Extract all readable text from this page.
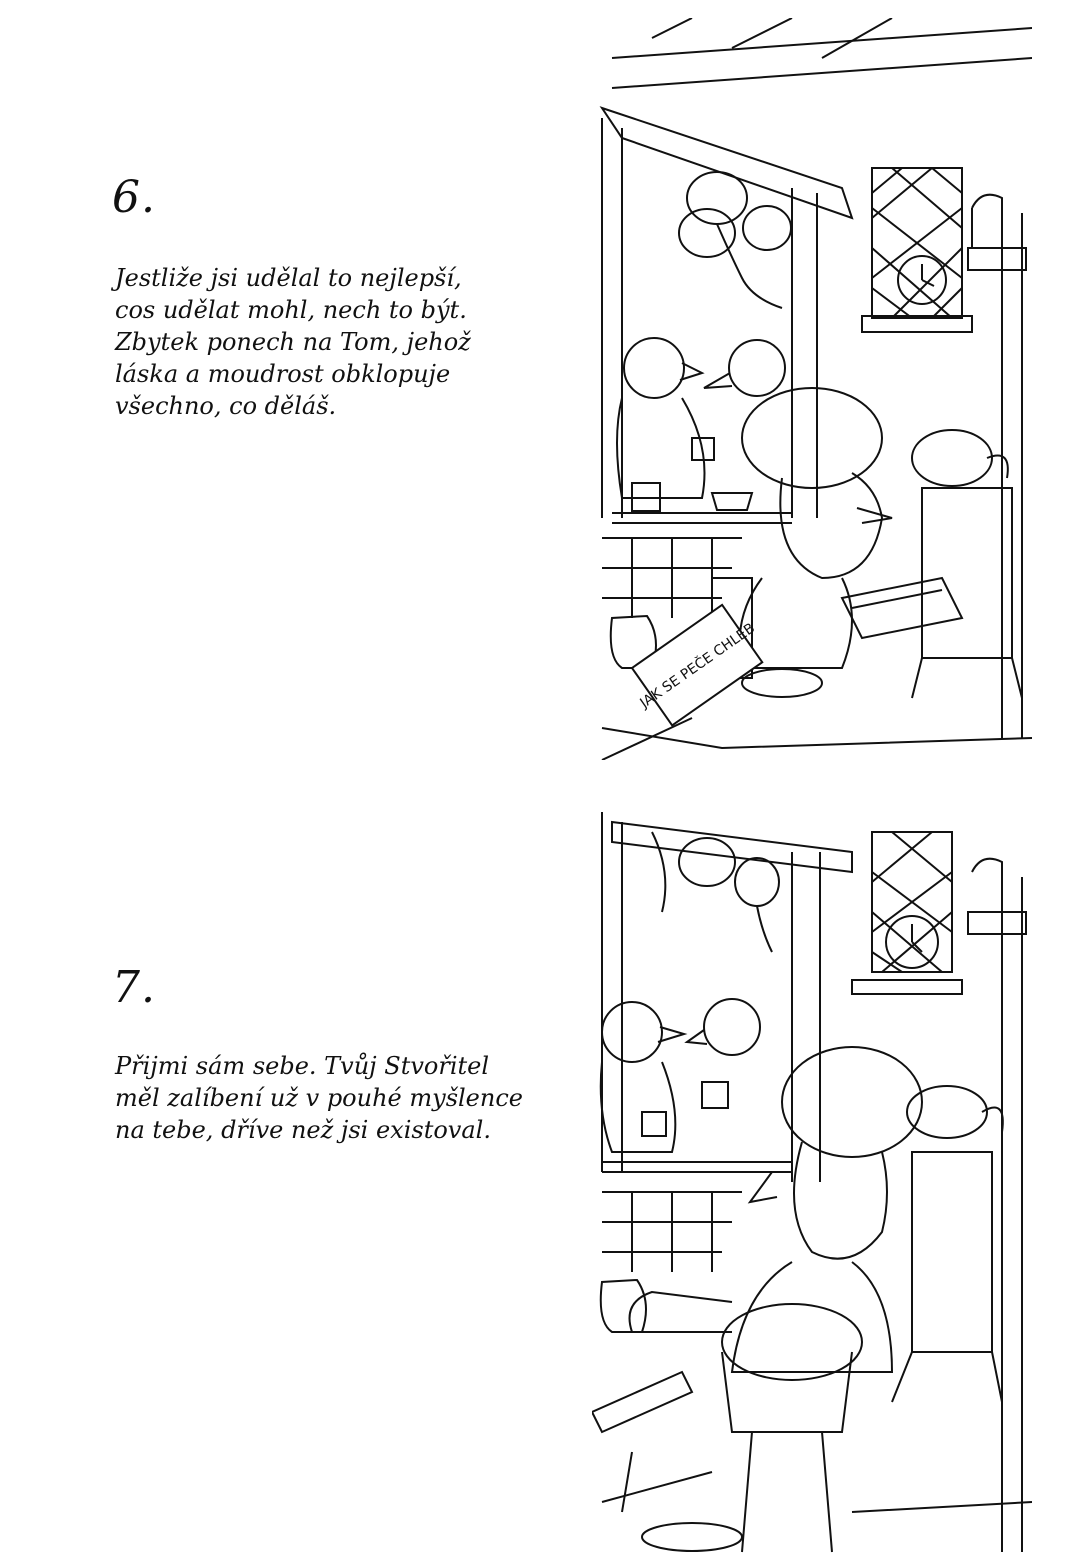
6.
Jestliže jsi udělal to nejlepší,
cos udělat mohl, nech to být.
Zbytek ponech na Tom, jehož
láska a moudrost obklopuje
všechno, co děláš.
JAK SE PEČE CHLEB
7.
Přijmi sám sebe. Tvůj Stvořitel
měl zalíbení už v pouhé myšlence
na tebe, dříve než jsi existoval.
